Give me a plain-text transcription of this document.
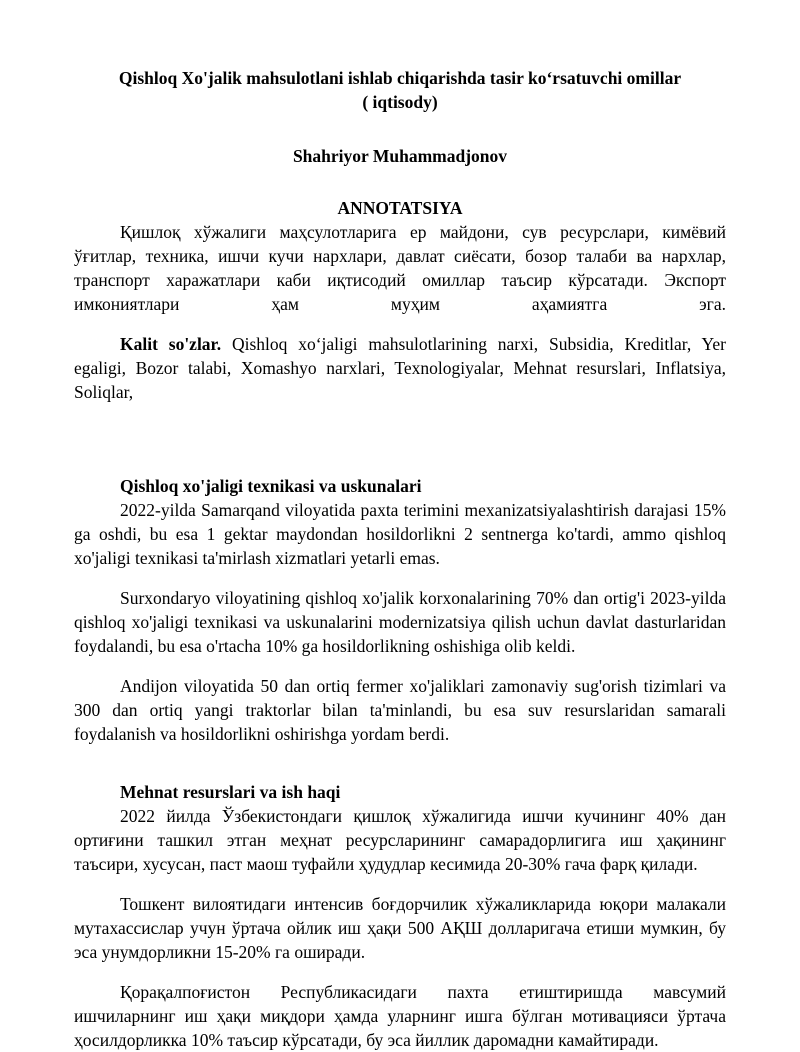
Qishloq Xo'jalik mahsulotlani ishlab chiqarishda tasir ko‘rsatuvchi omillar
( iqtisody)
Shahriyor Muhammadjonov
ANNOTATSIYA

Қишлоқ хўжалиги маҳсулотларига ер майдони, сув ресурслари, кимёвий ўғитлар, техника, ишчи кучи нархлари, давлат сиёсати, бозор талаби ва нархлар, транспорт харажатлари каби иқтисодий омиллар таъсир кўрсатади. Экспорт имкониятлари ҳам муҳим аҳамиятга эга.

Kalit so'zlar. Qishloq xo‘jaligi mahsulotlarining narxi, Subsidia, Kreditlar, Yer egaligi, Bozor talabi, Xomashyo narxlari, Texnologiyalar, Mehnat resurslari, Inflatsiya, Soliqlar,

Qishloq xo'jaligi texnikasi va uskunalari

2022-yilda Samarqand viloyatida paxta terimini mexanizatsiyalashtirish darajasi 15% ga oshdi, bu esa 1 gektar maydondan hosildorlikni 2 sentnerga ko'tardi, ammo qishloq xo'jaligi texnikasi ta'mirlash xizmatlari yetarli emas.

Surxondaryo viloyatining qishloq xo'jalik korxonalarining 70% dan ortig'i 2023-yilda qishloq xo'jaligi texnikasi va uskunalarini modernizatsiya qilish uchun davlat dasturlaridan foydalandi, bu esa o'rtacha 10% ga hosildorlikning oshishiga olib keldi.

Andijon viloyatida 50 dan ortiq fermer xo'jaliklari zamonaviy sug'orish tizimlari va 300 dan ortiq yangi traktorlar bilan ta'minlandi, bu esa suv resurslaridan samarali foydalanish va hosildorlikni oshirishga yordam berdi.

Mehnat resurslari va ish haqi

2022 йилда Ўзбекистондаги қишлоқ хўжалигида ишчи кучининг 40% дан ортиғини ташкил этган меҳнат ресурсларининг самарадорлигига иш ҳақининг таъсири, хусусан, паст маош туфайли ҳудудлар кесимида 20-30% гача фарқ қилади.

Тошкент вилоятидаги интенсив боғдорчилик хўжаликларида юқори малакали мутахассислар учун ўртача ойлик иш ҳақи 500 АҚШ долларигача етиши мумкин, бу эса унумдорликни 15-20% га оширади.

Қорақалпоғистон Республикасидаги пахта етиштиришда мавсумий ишчиларнинг иш ҳақи миқдори ҳамда уларнинг ишга бўлган мотивацияси ўртача ҳосилдорликка 10% таъсир кўрсатади, бу эса йиллик даромадни камайтиради.
